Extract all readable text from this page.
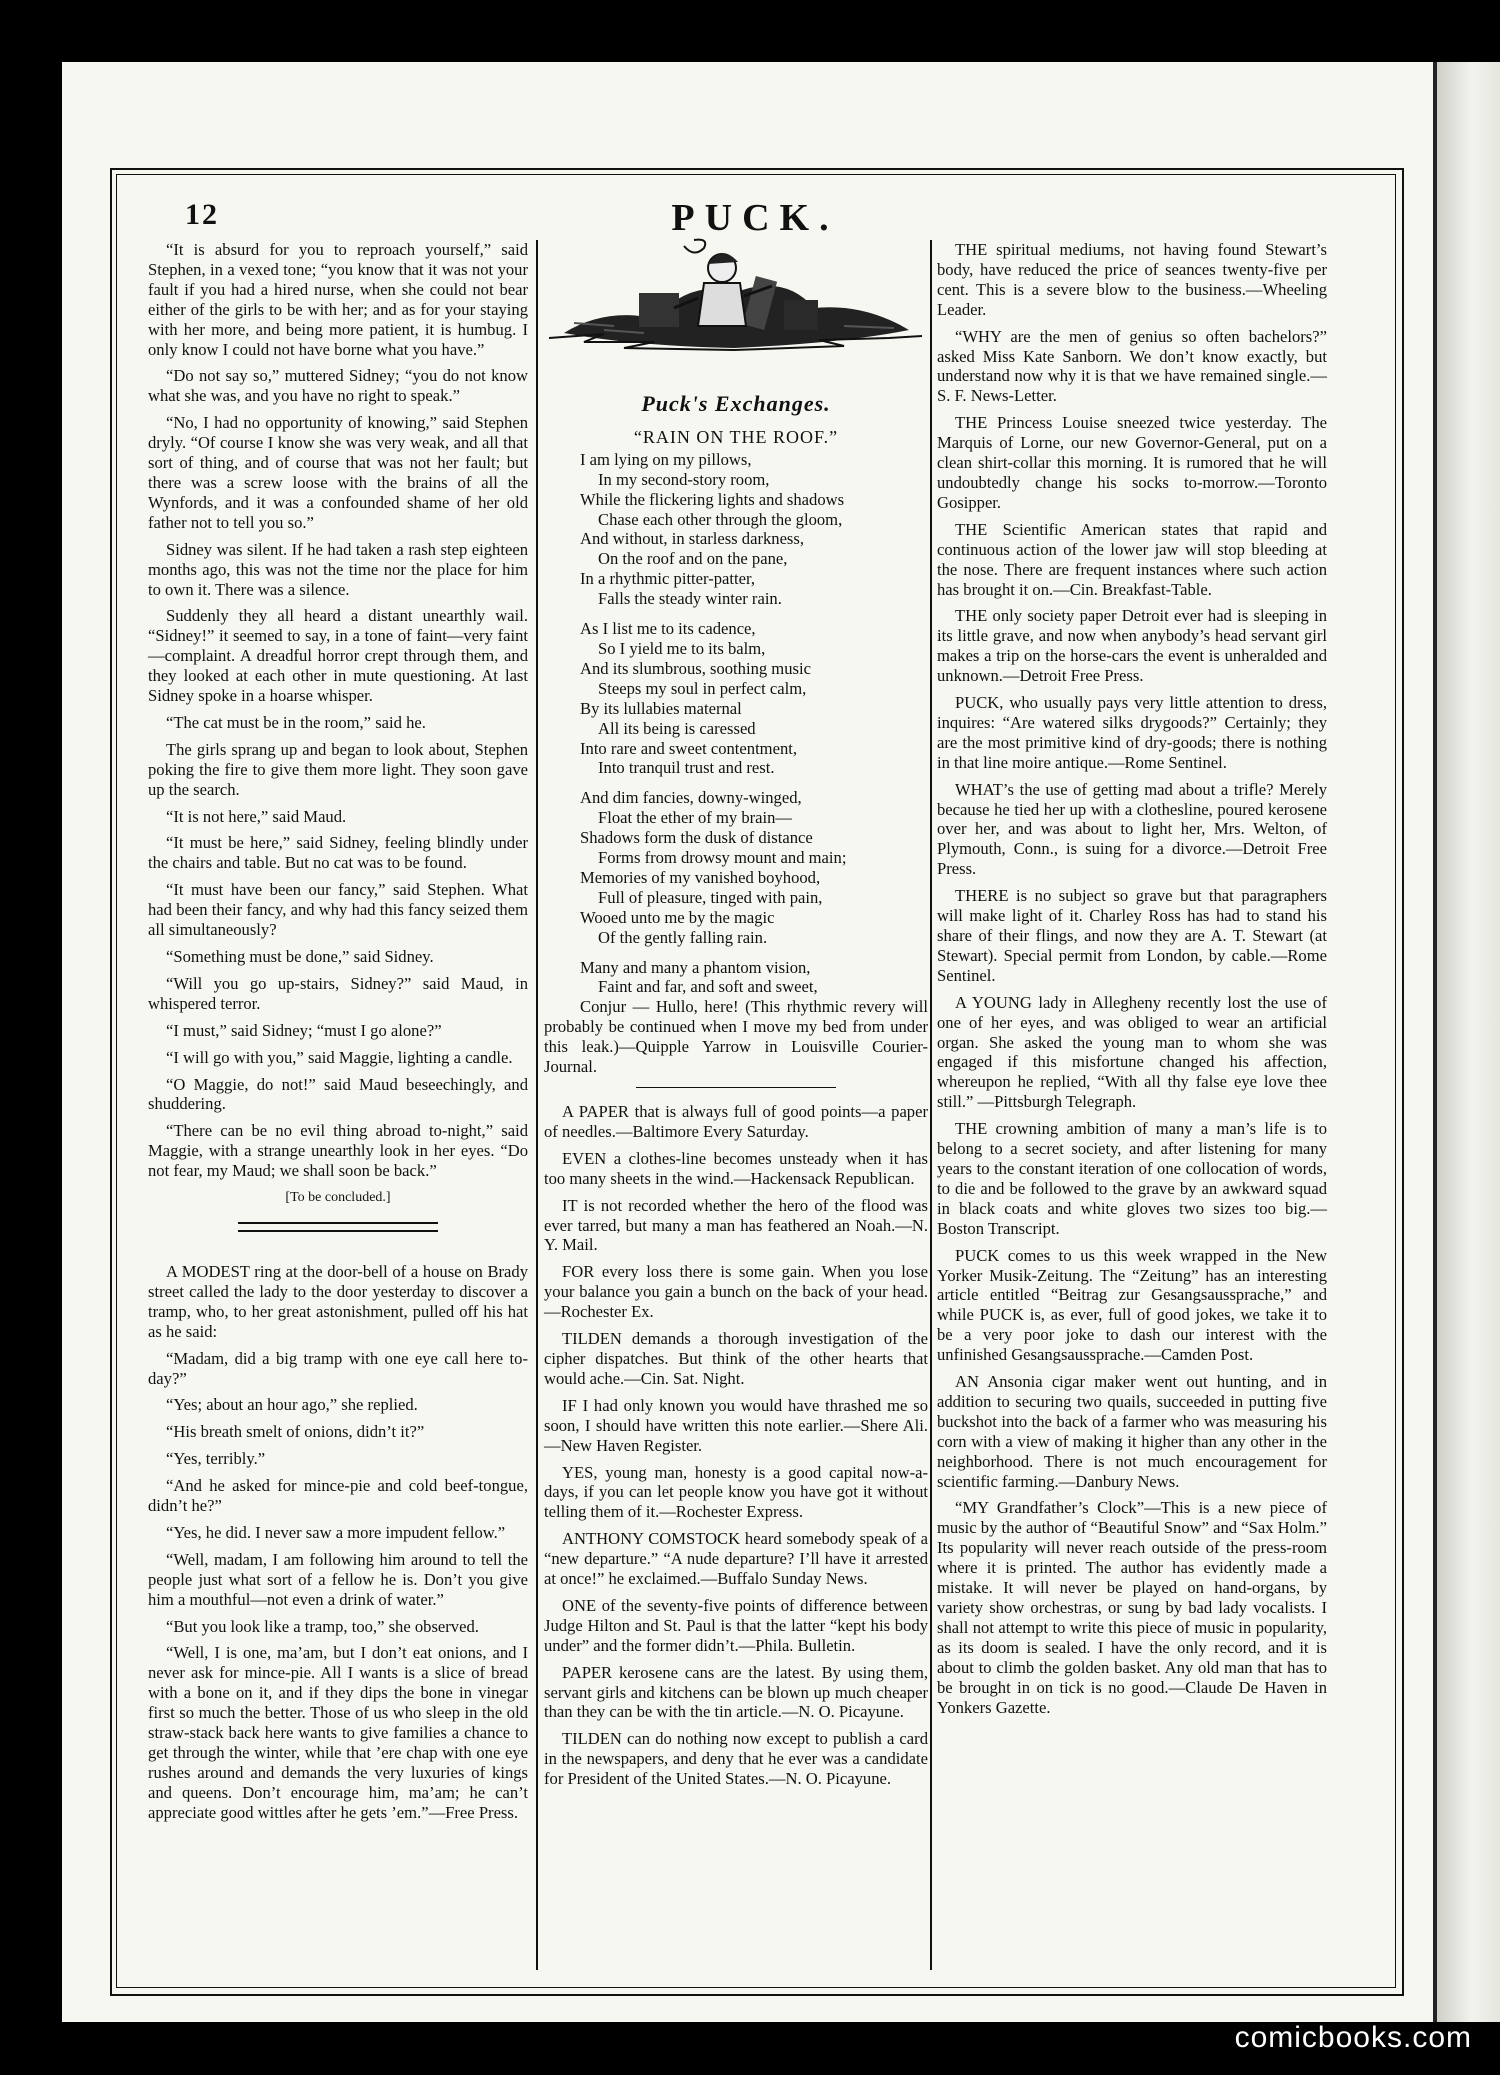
12	PUCK.

“It is absurd for you to reproach yourself,” said Stephen, in a vexed tone; “you know that it was not your fault if you had a hired nurse, when she could not bear either of the girls to be with her; and as for your staying with her more, and being more patient, it is humbug. I only know I could not have borne what you have.”

“Do not say so,” muttered Sidney; “you do not know what she was, and you have no right to speak.”

“No, I had no opportunity of knowing,” said Stephen dryly. “Of course I know she was very weak, and all that sort of thing, and of course that was not her fault; but there was a screw loose with the brains of all the Wynfords, and it was a confounded shame of her old father not to tell you so.”

Sidney was silent. If he had taken a rash step eighteen months ago, this was not the time nor the place for him to own it. There was a silence.

Suddenly they all heard a distant unearthly wail. “Sidney!” it seemed to say, in a tone of faint—very faint—complaint. A dreadful horror crept through them, and they looked at each other in mute questioning. At last Sidney spoke in a hoarse whisper.

“The cat must be in the room,” said he.

The girls sprang up and began to look about, Stephen poking the fire to give them more light. They soon gave up the search.

“It is not here,” said Maud.

“It must be here,” said Sidney, feeling blindly under the chairs and table. But no cat was to be found.

“It must have been our fancy,” said Stephen. What had been their fancy, and why had this fancy seized them all simultaneously?

“Something must be done,” said Sidney.

“Will you go up-stairs, Sidney?” said Maud, in whispered terror.

“I must,” said Sidney; “must I go alone?”

“I will go with you,” said Maggie, lighting a candle.

“O Maggie, do not!” said Maud beseechingly, and shuddering.

“There can be no evil thing abroad to-night,” said Maggie, with a strange unearthly look in her eyes. “Do not fear, my Maud; we shall soon be back.”

[To be concluded.]

A MODEST ring at the door-bell of a house on Brady street called the lady to the door yesterday to discover a tramp, who, to her great astonishment, pulled off his hat as he said:

“Madam, did a big tramp with one eye call here to-day?”

“Yes; about an hour ago,” she replied.

“His breath smelt of onions, didn’t it?”

“Yes, terribly.”

“And he asked for mince-pie and cold beef-tongue, didn’t he?”

“Yes, he did. I never saw a more impudent fellow.”

“Well, madam, I am following him around to tell the people just what sort of a fellow he is. Don’t you give him a mouthful—not even a drink of water.”

“But you look like a tramp, too,” she observed.

“Well, I is one, ma’am, but I don’t eat onions, and I never ask for mince-pie. All I wants is a slice of bread with a bone on it, and if they dips the bone in vinegar first so much the better. Those of us who sleep in the old straw-stack back here wants to give families a chance to get through the winter, while that ’ere chap with one eye rushes around and demands the very luxuries of kings and queens. Don’t encourage him, ma’am; he can’t appreciate good wittles after he gets ’em.”—Free Press.

Puck's Exchanges.
“RAIN ON THE ROOF.”
I am lying on my pillows,
In my second-story room,
While the flickering lights and shadows
Chase each other through the gloom,
And without, in starless darkness,
On the roof and on the pane,
In a rhythmic pitter-patter,
Falls the steady winter rain.
As I list me to its cadence,
So I yield me to its balm,
And its slumbrous, soothing music
Steeps my soul in perfect calm,
By its lullabies maternal
All its being is caressed
Into rare and sweet contentment,
Into tranquil trust and rest.
And dim fancies, downy-winged,
Float the ether of my brain—
Shadows form the dusk of distance
Forms from drowsy mount and main;
Memories of my vanished boyhood,
Full of pleasure, tinged with pain,
Wooed unto me by the magic
Of the gently falling rain.
Many and many a phantom vision,
Faint and far, and soft and sweet,

Conjur — Hullo, here! (This rhythmic revery will probably be continued when I move my bed from under this leak.)—Quipple Yarrow in Louisville Courier-Journal.

A PAPER that is always full of good points—a paper of needles.—Baltimore Every Saturday.

EVEN a clothes-line becomes unsteady when it has too many sheets in the wind.—Hackensack Republican.

IT is not recorded whether the hero of the flood was ever tarred, but many a man has feathered an Noah.—N. Y. Mail.

FOR every loss there is some gain. When you lose your balance you gain a bunch on the back of your head.—Rochester Ex.

TILDEN demands a thorough investigation of the cipher dispatches. But think of the other hearts that would ache.—Cin. Sat. Night.

IF I had only known you would have thrashed me so soon, I should have written this note earlier.—Shere Ali.—New Haven Register.

YES, young man, honesty is a good capital now-a-days, if you can let people know you have got it without telling them of it.—Rochester Express.

ANTHONY COMSTOCK heard somebody speak of a “new departure.” “A nude departure? I’ll have it arrested at once!” he exclaimed.—Buffalo Sunday News.

ONE of the seventy-five points of difference between Judge Hilton and St. Paul is that the latter “kept his body under” and the former didn’t.—Phila. Bulletin.

PAPER kerosene cans are the latest. By using them, servant girls and kitchens can be blown up much cheaper than they can be with the tin article.—N. O. Picayune.

TILDEN can do nothing now except to publish a card in the newspapers, and deny that he ever was a candidate for President of the United States.—N. O. Picayune.

THE spiritual mediums, not having found Stewart’s body, have reduced the price of seances twenty-five per cent. This is a severe blow to the business.—Wheeling Leader.

“WHY are the men of genius so often bachelors?” asked Miss Kate Sanborn. We don’t know exactly, but understand now why it is that we have remained single.—S. F. News-Letter.

THE Princess Louise sneezed twice yesterday. The Marquis of Lorne, our new Governor-General, put on a clean shirt-collar this morning. It is rumored that he will undoubtedly change his socks to-morrow.—Toronto Gosipper.

THE Scientific American states that rapid and continuous action of the lower jaw will stop bleeding at the nose. There are frequent instances where such action has brought it on.—Cin. Breakfast-Table.

THE only society paper Detroit ever had is sleeping in its little grave, and now when anybody’s head servant girl makes a trip on the horse-cars the event is unheralded and unknown.—Detroit Free Press.

PUCK, who usually pays very little attention to dress, inquires: “Are watered silks drygoods?” Certainly; they are the most primitive kind of dry-goods; there is nothing in that line moire antique.—Rome Sentinel.

WHAT’s the use of getting mad about a trifle? Merely because he tied her up with a clothesline, poured kerosene over her, and was about to light her, Mrs. Welton, of Plymouth, Conn., is suing for a divorce.—Detroit Free Press.

THERE is no subject so grave but that paragraphers will make light of it. Charley Ross has had to stand his share of their flings, and now they are A. T. Stewart (at Stewart). Special permit from London, by cable.—Rome Sentinel.

A YOUNG lady in Allegheny recently lost the use of one of her eyes, and was obliged to wear an artificial organ. She asked the young man to whom she was engaged if this misfortune changed his affection, whereupon he replied, “With all thy false eye love thee still.” —Pittsburgh Telegraph.

THE crowning ambition of many a man’s life is to belong to a secret society, and after listening for many years to the constant iteration of one collocation of words, to die and be followed to the grave by an awkward squad in black coats and white gloves two sizes too big.—Boston Transcript.

PUCK comes to us this week wrapped in the New Yorker Musik-Zeitung. The “Zeitung” has an interesting article entitled “Beitrag zur Gesangsaussprache,” and while PUCK is, as ever, full of good jokes, we take it to be a very poor joke to dash our interest with the unfinished Gesangsaussprache.—Camden Post.

AN Ansonia cigar maker went out hunting, and in addition to securing two quails, succeeded in putting five buckshot into the back of a farmer who was measuring his corn with a view of making it higher than any other in the neighborhood. There is not much encouragement for scientific farming.—Danbury News.

“MY Grandfather’s Clock”—This is a new piece of music by the author of “Beautiful Snow” and “Sax Holm.” Its popularity will never reach outside of the press-room where it is printed. The author has evidently made a mistake. It will never be played on hand-organs, by variety show orchestras, or sung by bad lady vocalists. I shall not attempt to write this piece of music in popularity, as its doom is sealed. I have the only record, and it is about to climb the golden basket. Any old man that has to be brought in on tick is no good.—Claude De Haven in Yonkers Gazette.

comicbooks.com
